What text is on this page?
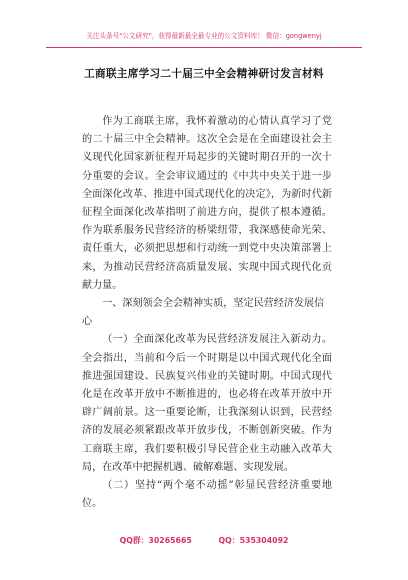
关注头条号"公文研究"，获得最新最全最专业的公文资料库！ 微信：gongwenyj
工商联主席学习二十届三中全会精神研讨发言材料

作为工商联主席，我怀着激动的心情认真学习了党的二十届三中全会精神。这次全会是在全面建设社会主义现代化国家新征程开局起步的关键时期召开的一次十分重要的会议。全会审议通过的《中共中央关于进一步全面深化改革、推进中国式现代化的决定》，为新时代新征程全面深化改革指明了前进方向，提供了根本遵循。作为联系服务民营经济的桥梁纽带，我深感使命光荣、责任重大，必须把思想和行动统一到党中央决策部署上来，为推动民营经济高质量发展、实现中国式现代化贡献力量。

一、深刻领会全会精神实质，坚定民营经济发展信心

（一）全面深化改革为民营经济发展注入新动力。全会指出，当前和今后一个时期是以中国式现代化全面推进强国建设、民族复兴伟业的关键时期。中国式现代化是在改革开放中不断推进的，也必将在改革开放中开辟广阔前景。这一重要论断，让我深刻认识到，民营经济的发展必须紧跟改革开放步伐，不断创新突破。作为工商联主席，我们要积极引导民营企业主动融入改革大局，在改革中把握机遇、破解难题、实现发展。

（二）坚持“两个毫不动摇”彰显民营经济重要地位。

QQ群：30265665	QQ：535304092
